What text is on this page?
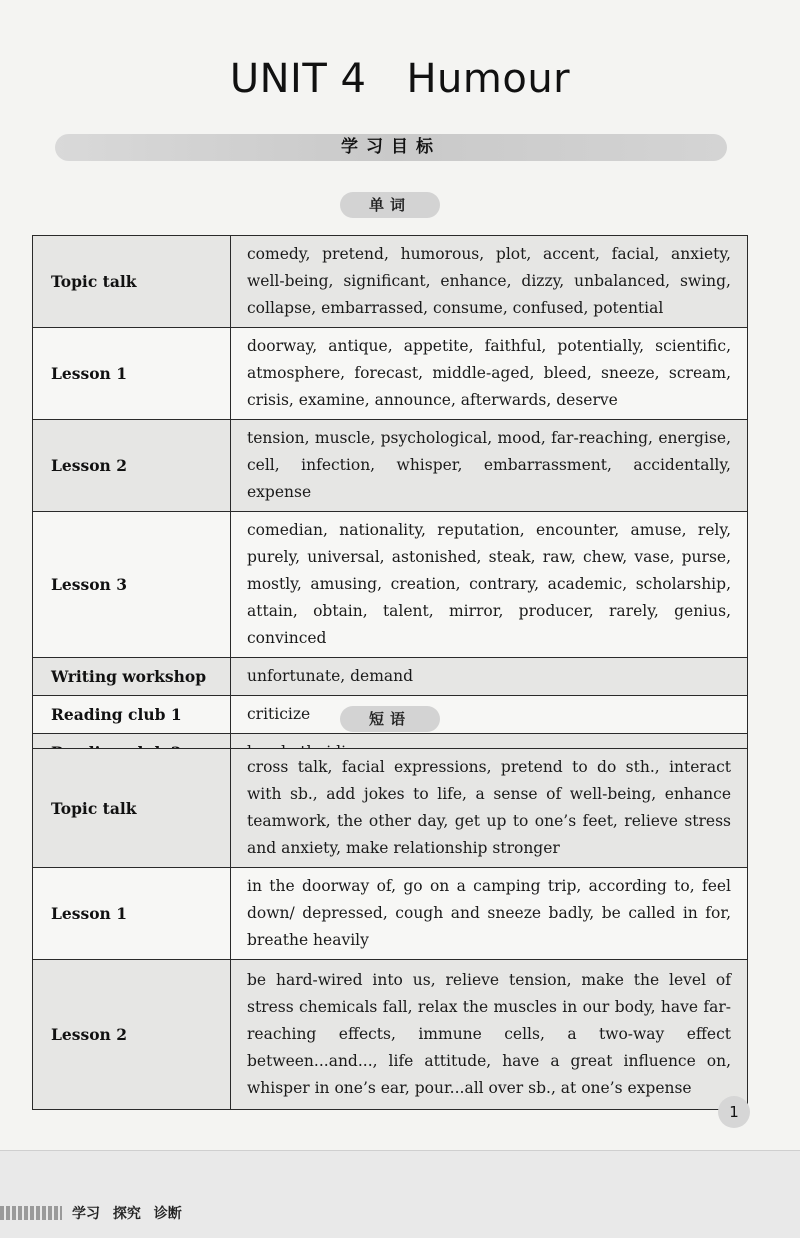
UNIT 4 Humour
学习目标
单词
Topic talk	comedy, pretend, humorous, plot, accent, facial, anxiety, well-being, significant, enhance, dizzy, unbalanced, swing, collapse, embarrassed, consume, confused, potential
Lesson 1	doorway, antique, appetite, faithful, potentially, scientific, atmosphere, forecast, middle-aged, bleed, sneeze, scream, crisis, examine, announce, afterwards, deserve
Lesson 2	tension, muscle, psychological, mood, far-reaching, energise, cell, infection, whisper, embarrassment, accidentally, expense
Lesson 3	comedian, nationality, reputation, encounter, amuse, rely, purely, universal, astonished, steak, raw, chew, vase, purse, mostly, amusing, creation, contrary, academic, scholarship, attain, obtain, talent, mirror, producer, rarely, genius, convinced
Writing workshop	unfortunate, demand
Reading club 1	criticize
		短语
Topic talk	cross talk, facial expressions, pretend to do sth., interact with sb., add jokes to life, a sense of well-being, enhance teamwork, the other day, get up to one’s feet, relieve stress and anxiety, make relationship stronger
Lesson 1	in the doorway of, go on a camping trip, according to, feel down/ depressed, cough and sneeze badly, be called in for, breathe heavily
Lesson 2	be hard-wired into us, relieve tension, make the level of stress chemicals fall, relax the muscles in our body, have far-reaching effects, immune cells, a two-way effect between...and..., life attitude, have a great influence on, whisper in one’s ear, pour...all over sb., at one’s expense
1
学习 探究 诊断
